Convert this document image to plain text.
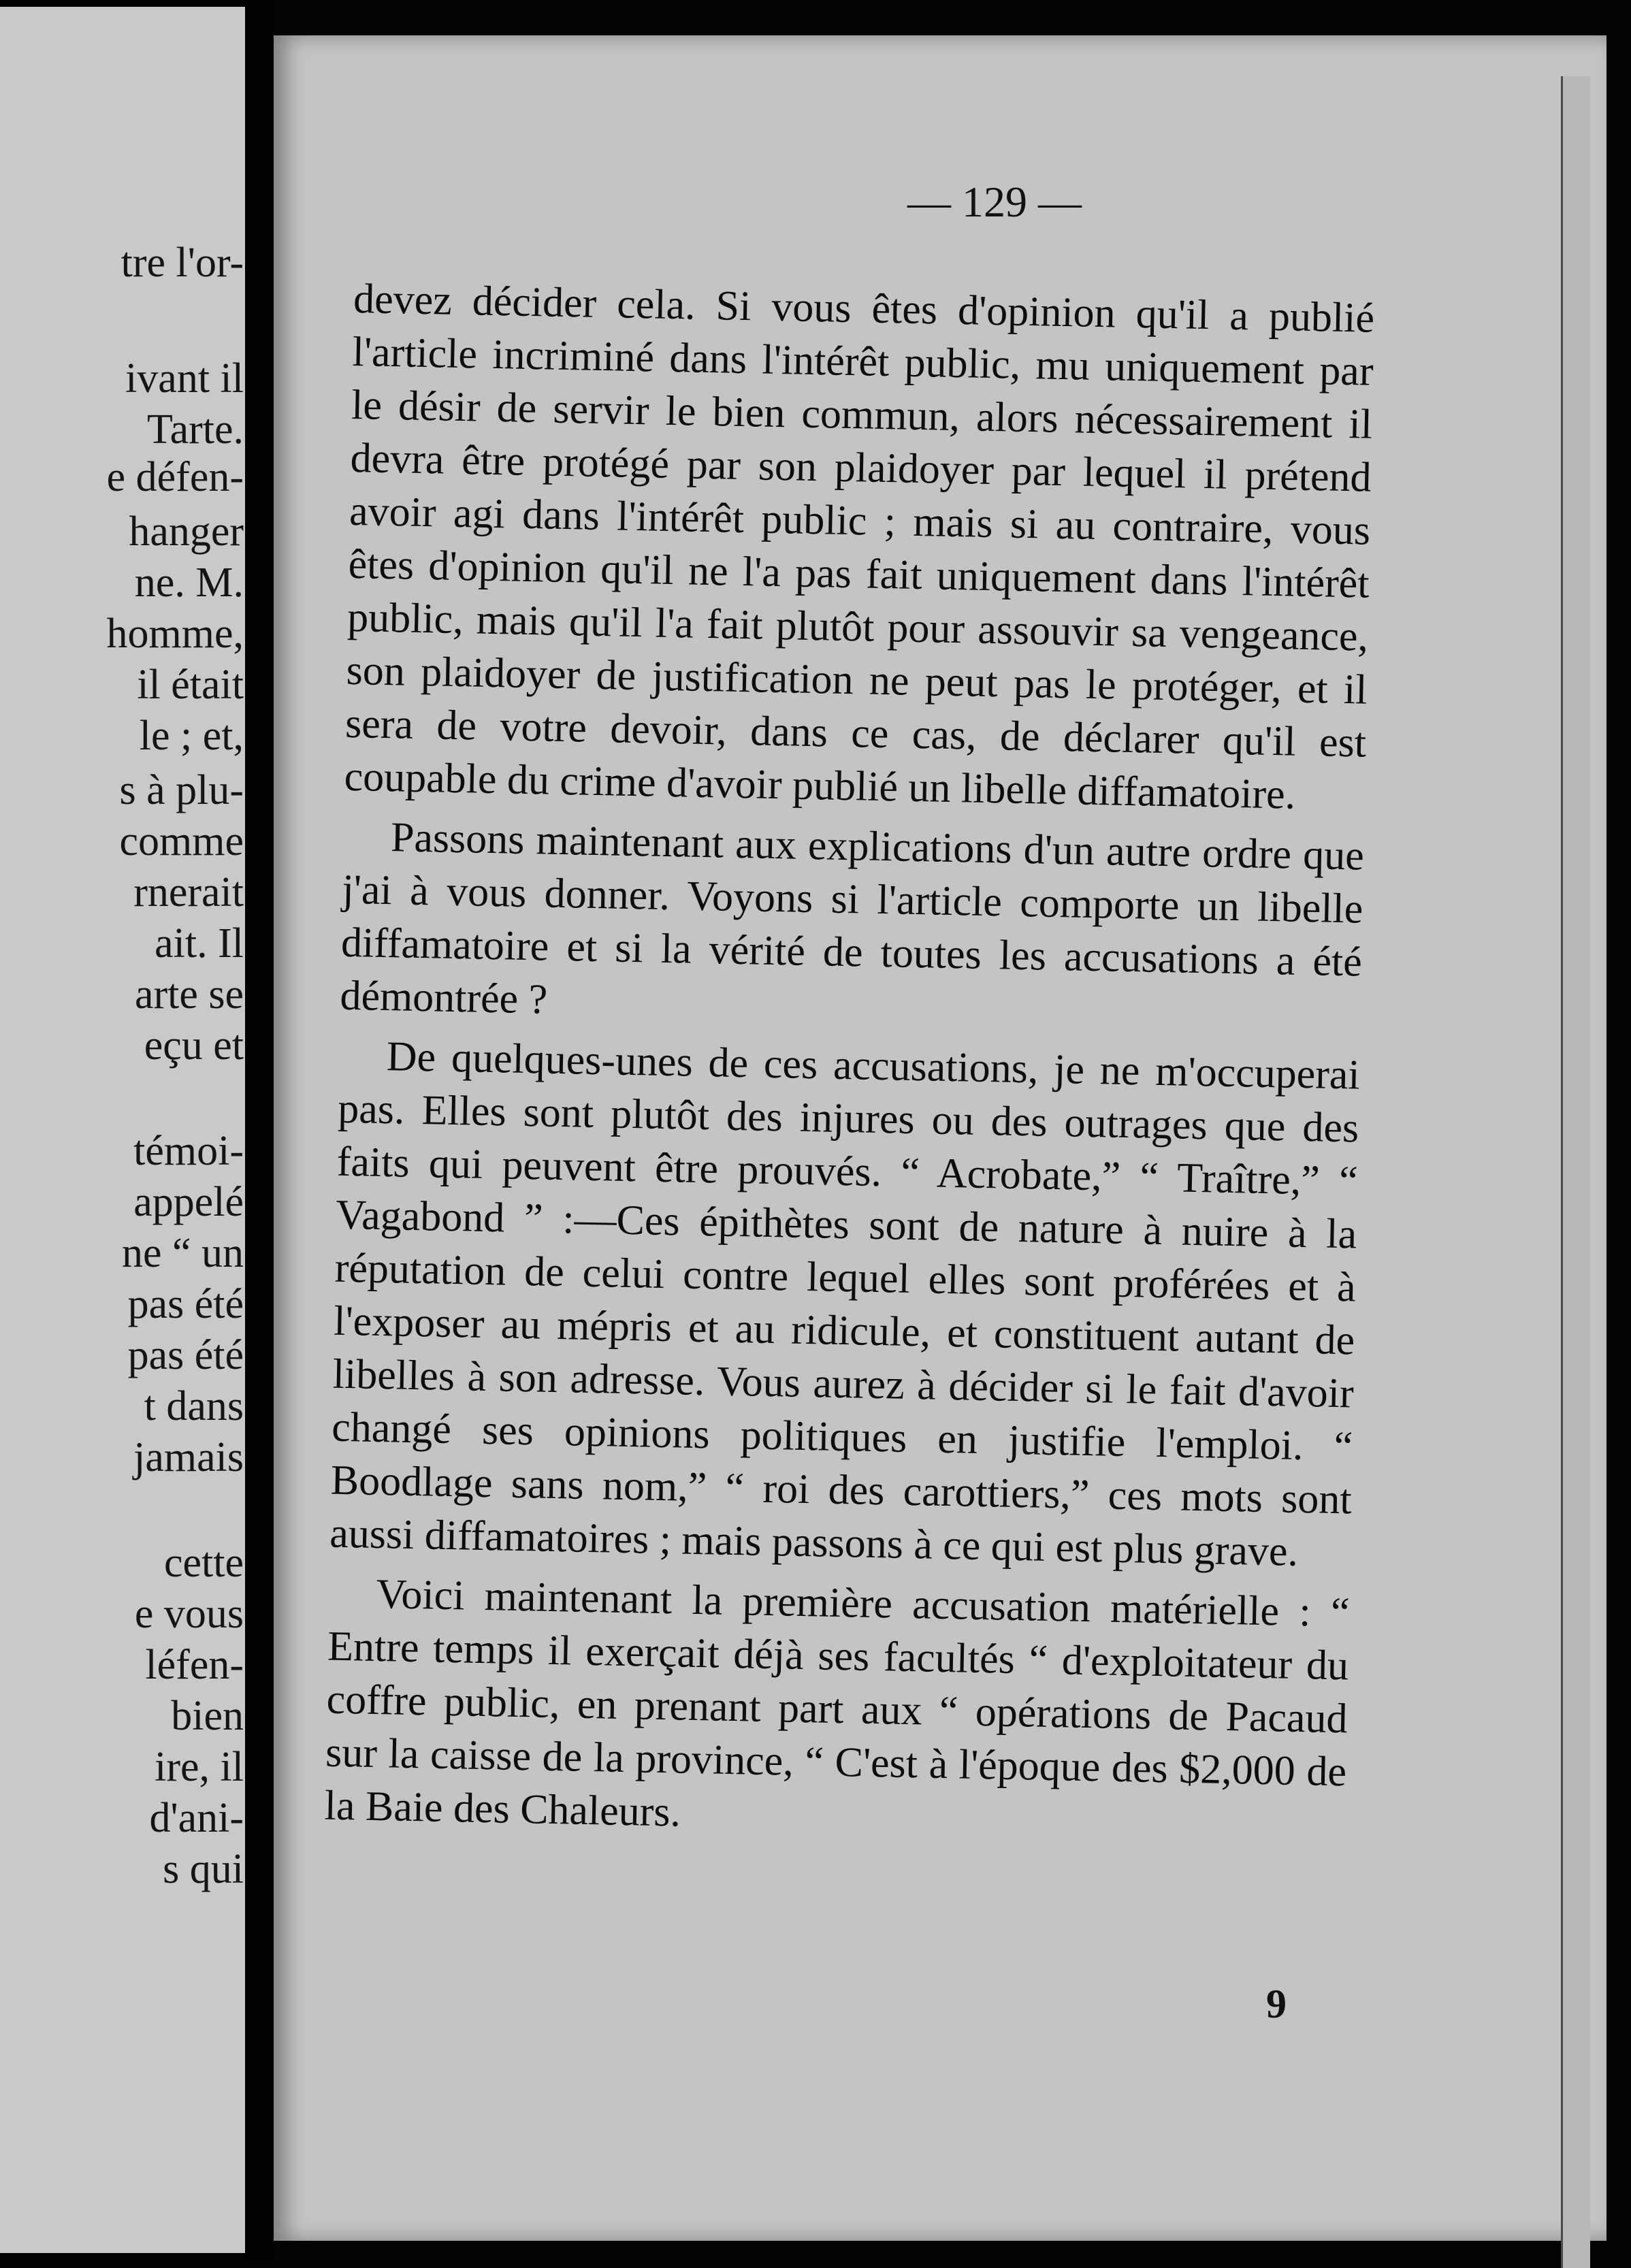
tre l'or-
ivant il
Tarte.
e défen-
hanger
ne. M.
homme,
il était
le ; et,
s à plu-
comme
rnerait
ait. Il
arte se
eçu et
témoi-
appelé
ne “ un
pas été
pas été
t dans
jamais
cette
e vous
léfen-
bien
ire, il
d'ani-
s qui
— 129 —

devez décider cela. Si vous êtes d'opinion qu'il a publié l'article incriminé dans l'intérêt public, mu uniquement par le désir de servir le bien commun, alors nécessairement il devra être protégé par son plaidoyer par lequel il prétend avoir agi dans l'intérêt public ; mais si au contraire, vous êtes d'opinion qu'il ne l'a pas fait uniquement dans l'intérêt public, mais qu'il l'a fait plutôt pour assouvir sa vengeance, son plaidoyer de justification ne peut pas le protéger, et il sera de votre devoir, dans ce cas, de déclarer qu'il est coupable du crime d'avoir publié un libelle diffamatoire.

Passons maintenant aux explications d'un autre ordre que j'ai à vous donner. Voyons si l'article comporte un libelle diffamatoire et si la vérité de toutes les accusations a été démontrée ?

De quelques-unes de ces accusations, je ne m'occuperai pas. Elles sont plutôt des injures ou des outrages que des faits qui peuvent être prouvés. “ Acrobate,” “ Traître,” “ Vagabond ” :—Ces épithètes sont de nature à nuire à la réputation de celui contre lequel elles sont proférées et à l'exposer au mépris et au ridicule, et constituent autant de libelles à son adresse. Vous aurez à décider si le fait d'avoir changé ses opinions politiques en justifie l'emploi. “ Boodlage sans nom,” “ roi des carottiers,” ces mots sont aussi diffamatoires ; mais passons à ce qui est plus grave.

Voici maintenant la première accusation matérielle : “ Entre temps il exerçait déjà ses facultés “ d'exploitateur du coffre public, en prenant part aux “ opérations de Pacaud sur la caisse de la province, “ C'est à l'époque des $2,000 de la Baie des Chaleurs.

9
